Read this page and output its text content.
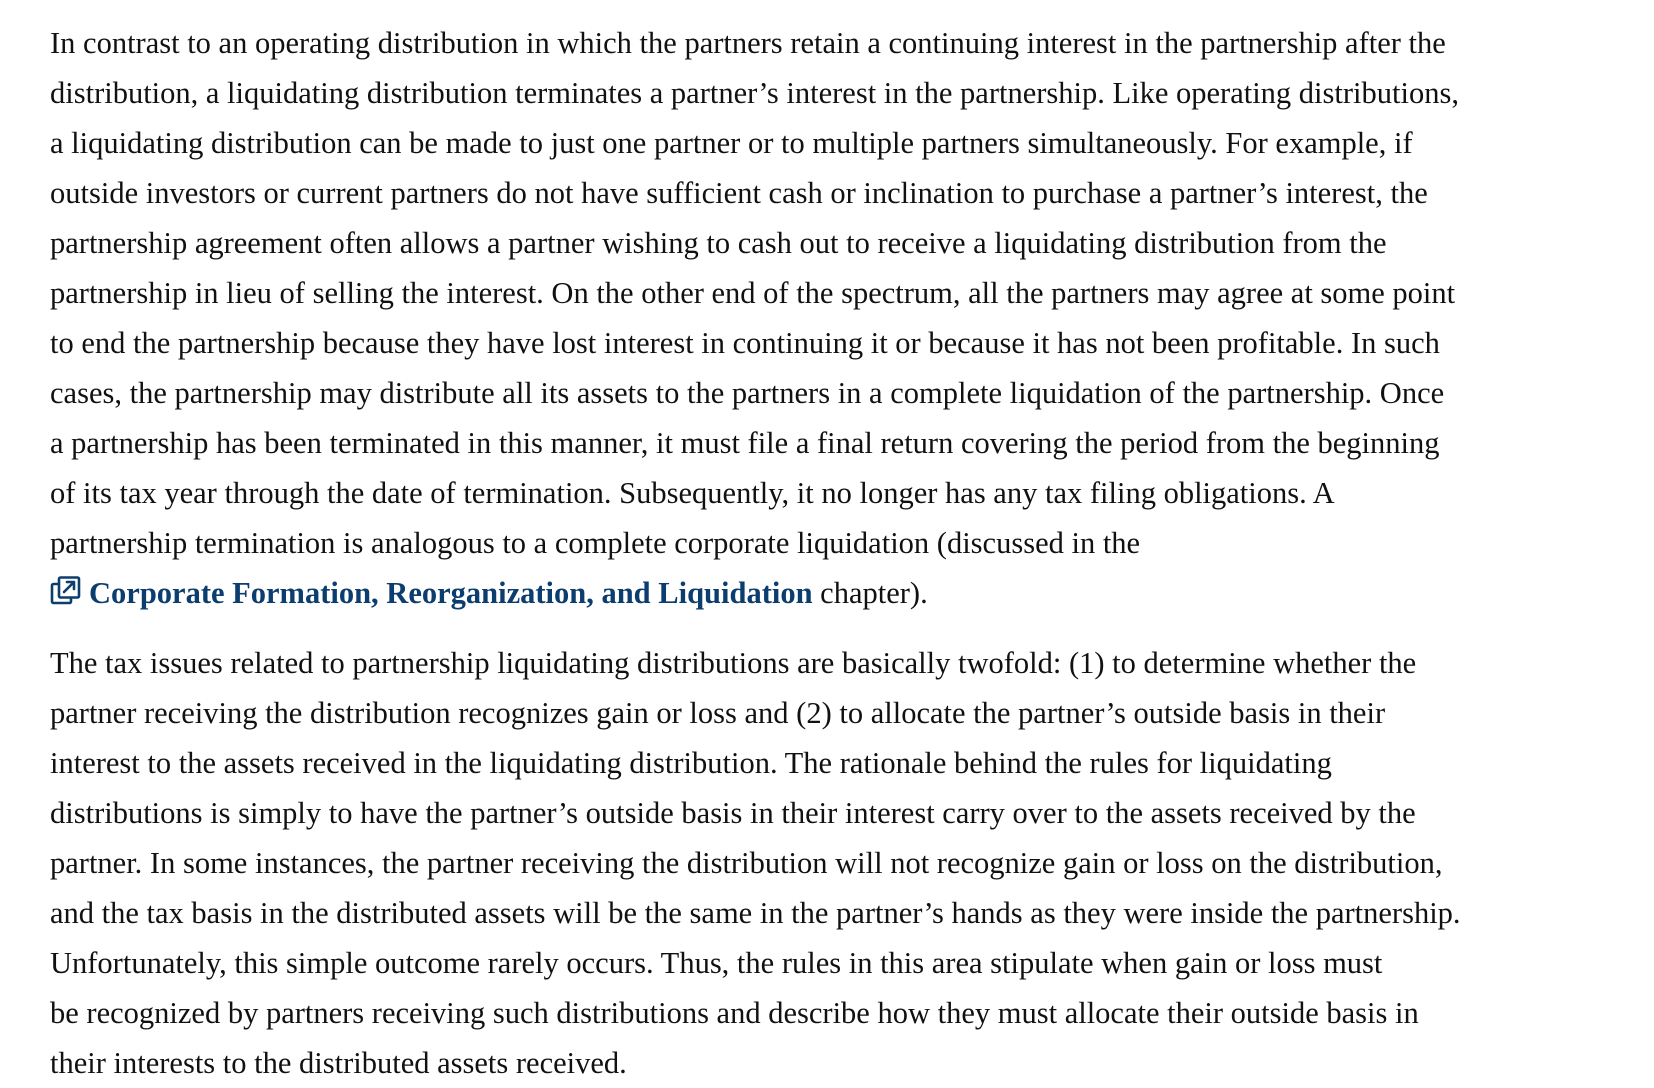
In contrast to an operating distribution in which the partners retain a continuing interest in the partnership after the
distribution, a liquidating distribution terminates a partner’s interest in the partnership. Like operating distributions,
a liquidating distribution can be made to just one partner or to multiple partners simultaneously. For example, if
outside investors or current partners do not have sufficient cash or inclination to purchase a partner’s interest, the
partnership agreement often allows a partner wishing to cash out to receive a liquidating distribution from the
partnership in lieu of selling the interest. On the other end of the spectrum, all the partners may agree at some point
to end the partnership because they have lost interest in continuing it or because it has not been profitable. In such
cases, the partnership may distribute all its assets to the partners in a complete liquidation of the partnership. Once
a partnership has been terminated in this manner, it must file a final return covering the period from the beginning
of its tax year through the date of termination. Subsequently, it no longer has any tax filing obligations. A
partnership termination is analogous to a complete corporate liquidation (discussed in the
Corporate Formation, Reorganization, and Liquidation chapter).

The tax issues related to partnership liquidating distributions are basically twofold: (1) to determine whether the
partner receiving the distribution recognizes gain or loss and (2) to allocate the partner’s outside basis in their
interest to the assets received in the liquidating distribution. The rationale behind the rules for liquidating
distributions is simply to have the partner’s outside basis in their interest carry over to the assets received by the
partner. In some instances, the partner receiving the distribution will not recognize gain or loss on the distribution,
and the tax basis in the distributed assets will be the same in the partner’s hands as they were inside the partnership.
Unfortunately, this simple outcome rarely occurs. Thus, the rules in this area stipulate when gain or loss must
be recognized by partners receiving such distributions and describe how they must allocate their outside basis in
their interests to the distributed assets received.
